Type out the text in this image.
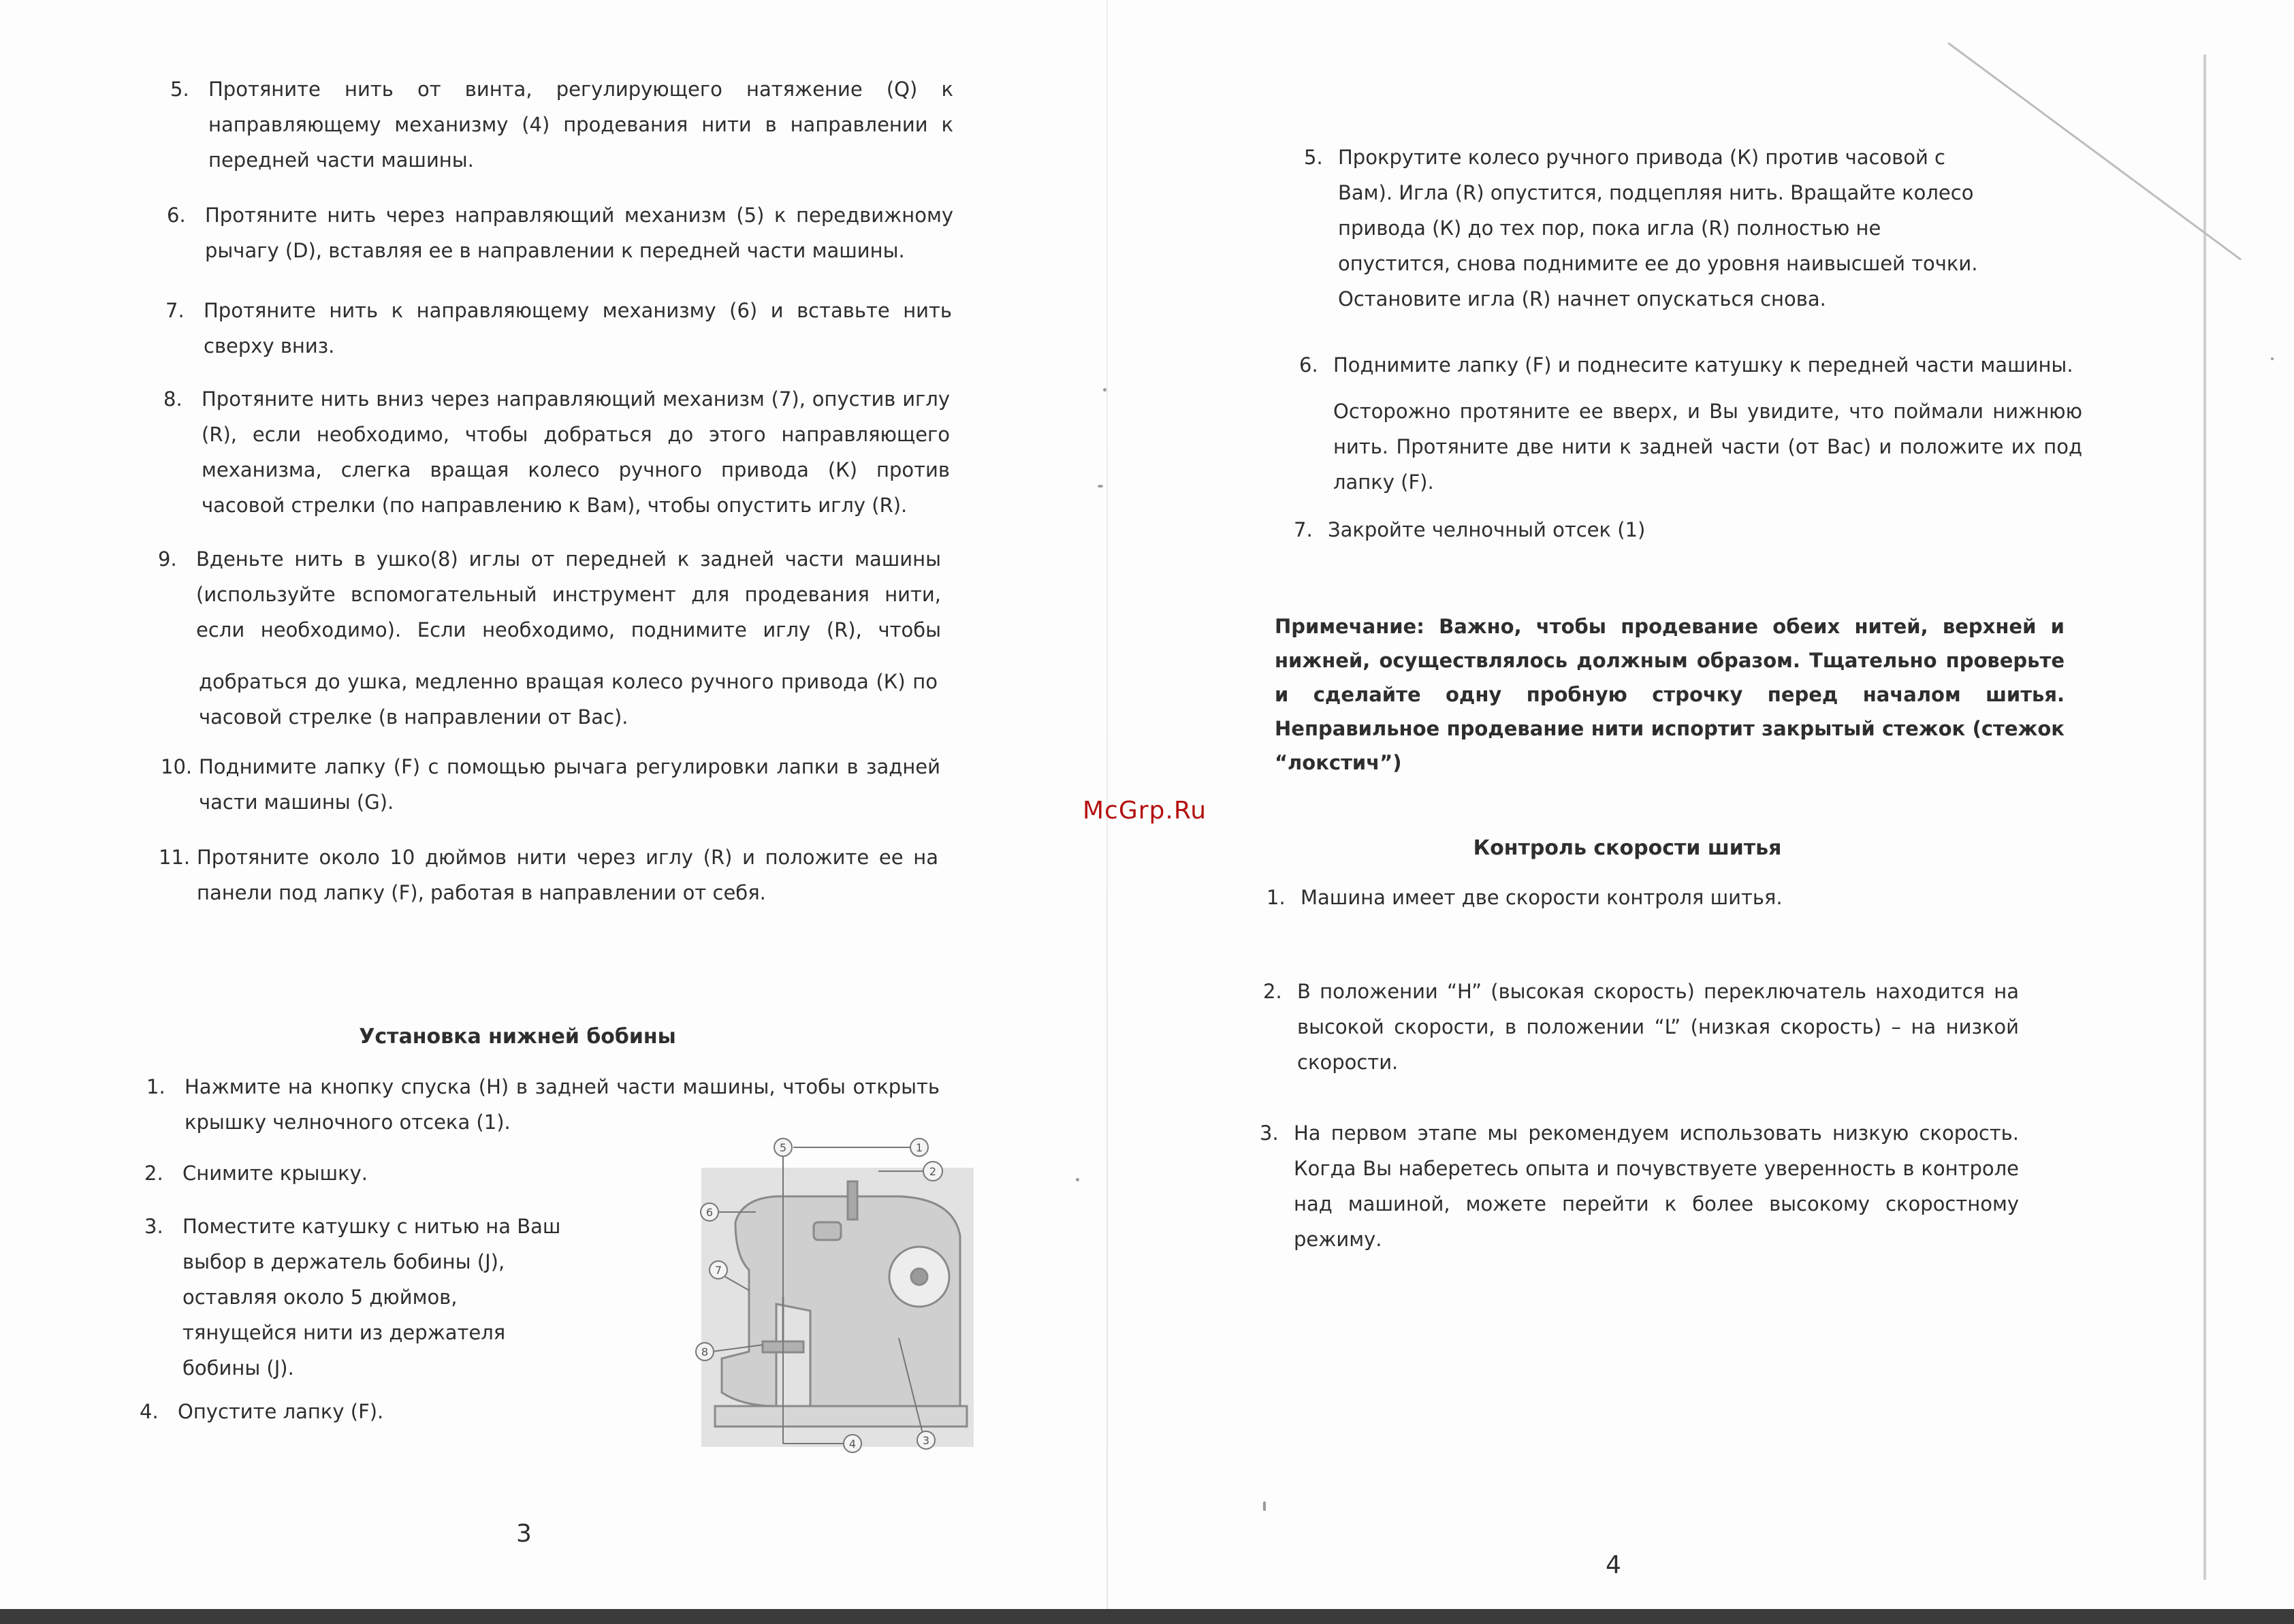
5. Протяните нить от винта, регулирующего натяжение (Q) к направляющему механизму (4) продевания нити в направлении к передней части машины.
6. Протяните нить через направляющий механизм (5) к передвижному рычагу (D), вставляя ее в направлении к передней части машины.
7. Протяните нить к направляющему механизму (6) и вставьте нить сверху вниз.
8. Протяните нить вниз через направляющий механизм (7), опустив иглу (R), если необходимо, чтобы добраться до этого направляющего механизма, слегка вращая колесо ручного привода (К) против часовой стрелки (по направлению к Вам), чтобы опустить иглу (R).
9. Вденьте нить в ушко(8) иглы от передней к задней части машины (используйте вспомогательный инструмент для продевания нити, если необходимо). Если необходимо, поднимите иглу (R), чтобы
добраться до ушка, медленно вращая колесо ручного привода (К) по часовой стрелке (в направлении от Вас).
10. Поднимите лапку (F) с помощью рычага регулировки лапки в задней части машины (G).
11. Протяните около 10 дюймов нити через иглу (R) и положите ее на панели под лапку (F), работая в направлении от себя.
Установка нижней бобины
1. Нажмите на кнопку спуска (H) в задней части машины, чтобы открыть крышку челночного отсека (1).
2. Снимите крышку.
3. Поместите катушку с нитью на Ваш выбор в держатель бобины (J), оставляя около 5 дюймов, тянущейся нити из держателя бобины (J).
4. Опустите лапку (F).
5	1
2
6
7
8
4	3
3
McGrp.Ru
5. Прокрутите колесо ручного привода (К) против часовой с Вам). Игла (R) опустится, подцепляя нить. Вращайте колесо привода (К) до тех пор, пока игла (R) полностью не опустится, снова поднимите ее до уровня наивысшей точки. Остановите игла (R) начнет опускаться снова.
6. Поднимите лапку (F) и поднесите катушку к передней части машины.
Осторожно протяните ее вверх, и Вы увидите, что поймали нижнюю нить. Протяните две нити к задней части (от Вас) и положите их под лапку (F).
7. Закройте челночный отсек (1)
Примечание: Важно, чтобы продевание обеих нитей, верхней и нижней, осуществлялось должным образом. Тщательно проверьте и сделайте одну пробную строчку перед началом шитья. Неправильное продевание нити испортит закрытый стежок (стежок “локстич”)
Контроль скорости шитья
1. Машина имеет две скорости контроля шитья.
2. В положении “H” (высокая скорость) переключатель находится на высокой скорости, в положении “L” (низкая скорость) – на низкой скорости.
3. На первом этапе мы рекомендуем использовать низкую скорость. Когда Вы наберетесь опыта и почувствуете уверенность в контроле над машиной, можете перейти к более высокому скоростному режиму.
4
